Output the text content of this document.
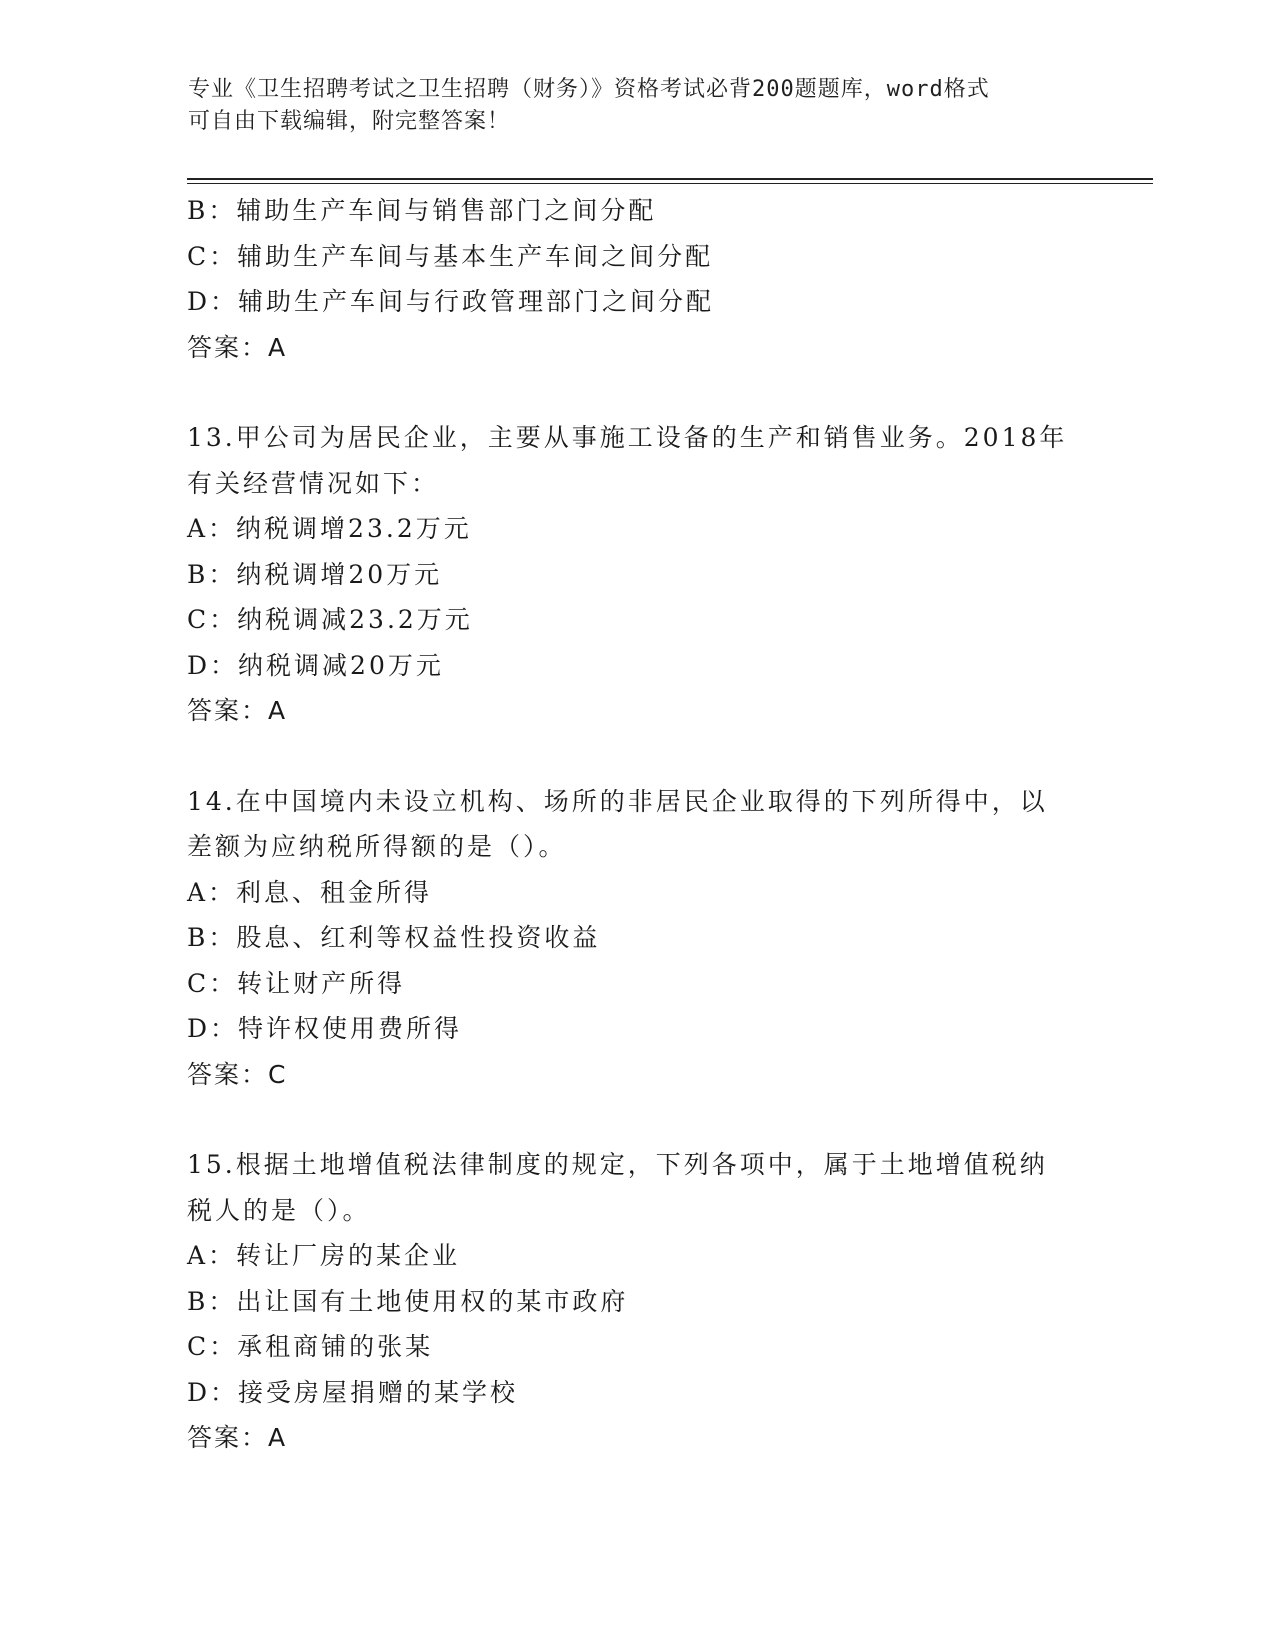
专业《卫生招聘考试之卫生招聘（财务）》资格考试必背200题题库，word格式

可自由下载编辑，附完整答案！

B：辅助生产车间与销售部门之间分配

C：辅助生产车间与基本生产车间之间分配

D：辅助生产车间与行政管理部门之间分配

答案：A

13.甲公司为居民企业，主要从事施工设备的生产和销售业务。2018年

有关经营情况如下：

A：纳税调增23.2万元

B：纳税调增20万元

C：纳税调减23.2万元

D：纳税调减20万元

答案：A

14.在中国境内未设立机构、场所的非居民企业取得的下列所得中，以

差额为应纳税所得额的是（）。

A：利息、租金所得

B：股息、红利等权益性投资收益

C：转让财产所得

D：特许权使用费所得

答案：C

15.根据土地增值税法律制度的规定，下列各项中，属于土地增值税纳

税人的是（）。

A：转让厂房的某企业

B：出让国有土地使用权的某市政府

C：承租商铺的张某

D：接受房屋捐赠的某学校

答案：A
